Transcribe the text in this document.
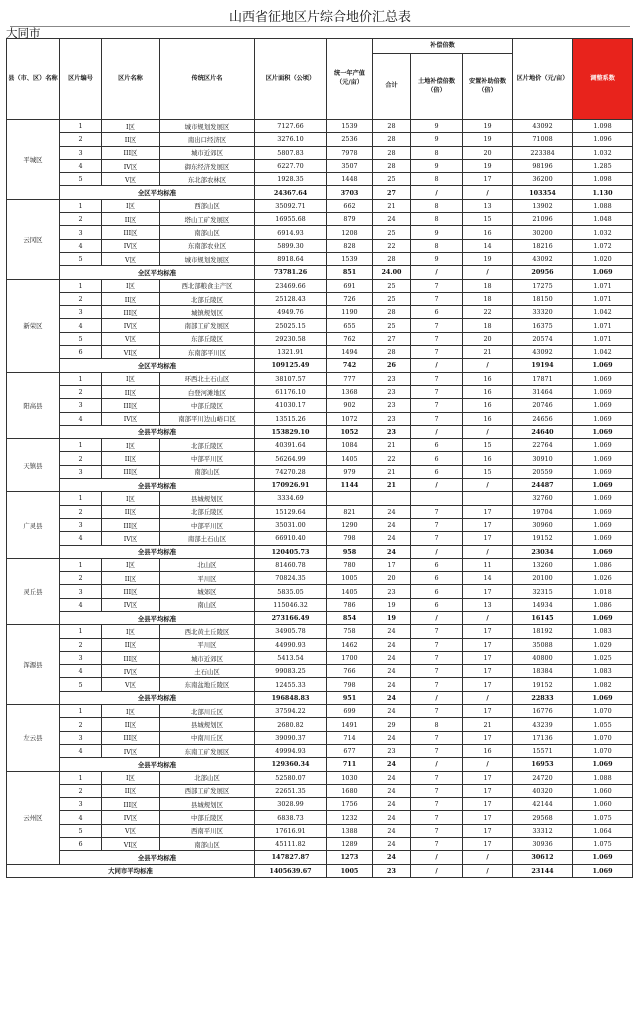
山西省征地区片综合地价汇总表
大同市
县（市、区）名称	区片编号	区片名称	传统区片名	区片面积（公顷）	统一年产值（元/亩）	补偿倍数			区片地价（元/亩）	调整系数
						合计	土地补偿倍数（倍）	安置补助倍数（倍）		
平城区	1	I区	城市规划发展区	7127.66	1539	28	9	19	43092	1.098
	2	II区	南出口经济区	3276.10	2536	28	9	19	71008	1.096
	3	III区	城市近郊区	5807.83	7978	28	8	20	223384	1.032
	4	IV区	御东经济发展区	6227.70	3507	28	9	19	98196	1.285
	5	V区	东北部农林区	1928.35	1448	25	8	17	36200	1.098
	全区平均标准			24367.64	3703	27	/	/	103354	1.130
云冈区	1	I区	西部山区	35092.71	662	21	8	13	13902	1.088
	2	II区	塔山工矿发展区	16955.68	879	24	8	15	21096	1.048
	3	III区	南部山区	6914.93	1208	25	9	16	30200	1.032
	4	IV区	东南部农业区	5899.30	828	22	8	14	18216	1.072
	5	V区	城市规划发展区	8918.64	1539	28	9	19	43092	1.020
	全区平均标准			73781.26	851	24.00	/	/	20956	1.069
新荣区	1	I区	西北部粮食主产区	23469.66	691	25	7	18	17275	1.071
	2	II区	北部丘陵区	25128.43	726	25	7	18	18150	1.071
	3	III区	城镇规划区	4949.76	1190	28	6	22	33320	1.042
	4	IV区	南部工矿发展区	25025.15	655	25	7	18	16375	1.071
	5	V区	东部丘陵区	29230.58	762	27	7	20	20574	1.071
	6	VI区	东南部平川区	1321.91	1494	28	7	21	43092	1.042
	全区平均标准			109125.49	742	26	/	/	19194	1.069
阳高县	1	I区	环西北土石山区	38107.57	777	23	7	16	17871	1.069
	2	II区	白登河滩地区	61176.10	1368	23	7	16	31464	1.069
	3	III区	中部丘陵区	41030.17	902	23	7	16	20746	1.069
	4	IV区	南部平川边山峪口区	13515.26	1072	23	7	16	24656	1.069
	全县平均标准			153829.10	1052	23	/	/	24640	1.069
天镇县	1	I区	北部丘陵区	40391.64	1084	21	6	15	22764	1.069
	2	II区	中部平川区	56264.99	1405	22	6	16	30910	1.069
	3	III区	南部山区	74270.28	979	21	6	15	20559	1.069
	全县平均标准			170926.91	1144	21	/	/	24487	1.069
广灵县	1	I区	县城规划区	3334.69					32760	1.069
	2	II区	北部丘陵区	15129.64	821	24	7	17	19704	1.069
	3	III区	中部平川区	35031.00	1290	24	7	17	30960	1.069
	4	IV区	南部土石山区	66910.40	798	24	7	17	19152	1.069
	全县平均标准			120405.73	958	24	/	/	23034	1.069
灵丘县	1	I区	北山区	81460.78	780	17	6	11	13260	1.086
	2	II区	平川区	70824.35	1005	20	6	14	20100	1.026
	3	III区	城郊区	5835.05	1405	23	6	17	32315	1.018
	4	IV区	南山区	115046.32	786	19	6	13	14934	1.086
	全县平均标准			273166.49	854	19	/	/	16145	1.069
浑源县	1	I区	西北黄土丘陵区	34905.78	758	24	7	17	18192	1.083
	2	II区	平川区	44990.93	1462	24	7	17	35088	1.029
	3	III区	城市近郊区	5413.54	1700	24	7	17	40800	1.025
	4	IV区	土石山区	99083.25	766	24	7	17	18384	1.083
	5	V区	东南盆地丘陵区	12455.33	798	24	7	17	19152	1.082
	全县平均标准			196848.83	951	24	/	/	22833	1.069
左云县	1	I区	北部川丘区	37594.22	699	24	7	17	16776	1.070
	2	II区	县城规划区	2680.82	1491	29	8	21	43239	1.055
	3	III区	中南川丘区	39090.37	714	24	7	17	17136	1.070
	4	IV区	东南工矿发展区	49994.93	677	23	7	16	15571	1.070
	全县平均标准			129360.34	711	24	/	/	16953	1.069
云州区	1	I区	北部山区	52580.07	1030	24	7	17	24720	1.088
	2	II区	西部工矿发展区	22651.35	1680	24	7	17	40320	1.060
	3	III区	县城规划区	3028.99	1756	24	7	17	42144	1.060
	4	IV区	中部丘陵区	6838.73	1232	24	7	17	29568	1.075
	5	V区	西南平川区	17616.91	1388	24	7	17	33312	1.064
	6	VI区	南部山区	45111.82	1289	24	7	17	30936	1.075
	全县平均标准			147827.87	1273	24	/	/	30612	1.069
大同市平均标准				1405639.67	1005	23	/	/	23144	1.069
